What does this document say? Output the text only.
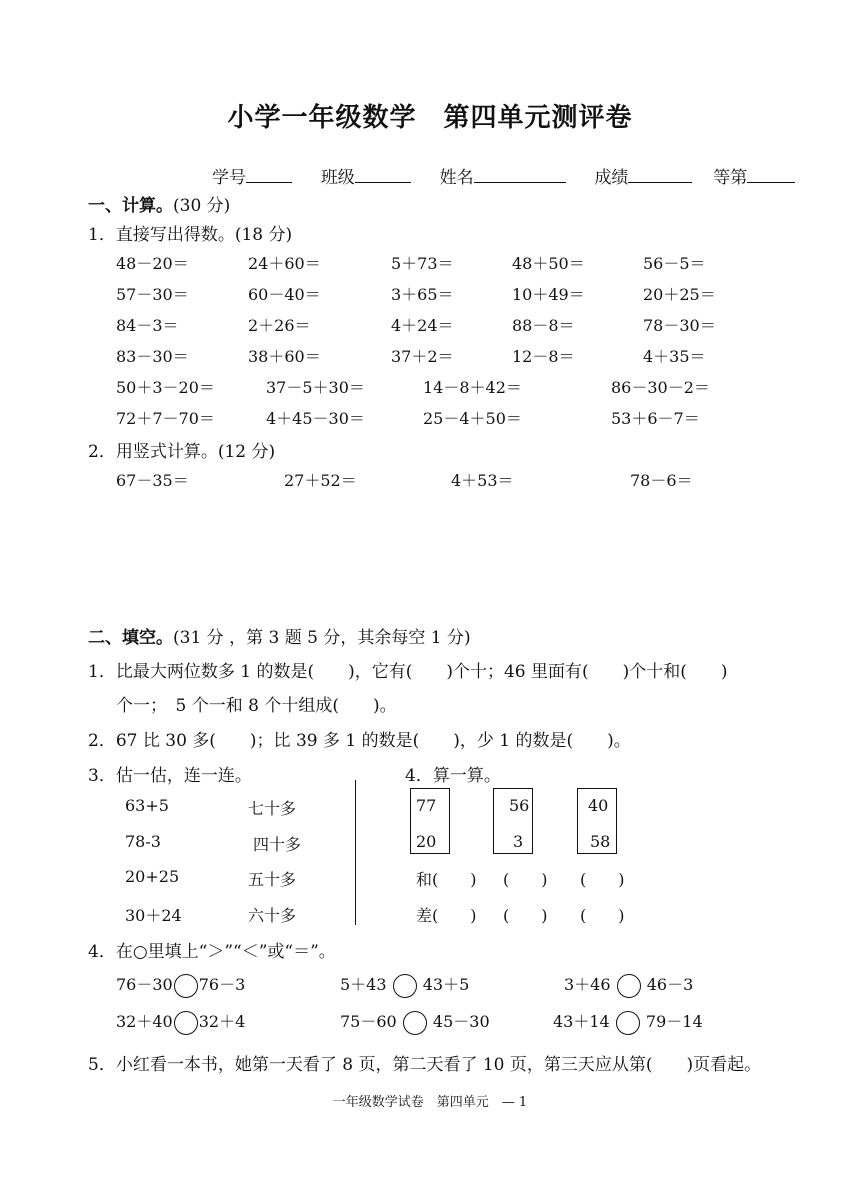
小学一年级数学　第四单元测评卷
学号	班级	姓名	成绩	等第
一、计算。(30 分)
1．直接写出得数。(18 分)
48－20＝	24＋60＝	5＋73＝	48＋50＝	56－5＝
57－30＝	60－40＝	3＋65＝	10＋49＝	20＋25＝
84－3＝	2＋26＝	4＋24＝	88－8＝	78－30＝
83－30＝	38＋60＝	37＋2＝	12－8＝	4＋35＝
50＋3－20＝	37－5＋30＝	14－8＋42＝	86－30－2＝
72＋7－70＝	4＋45－30＝	25－4＋50＝	53＋6－7＝
2．用竖式计算。(12 分)
67－35＝	27＋52＝	4＋53＝	78－6＝
二、填空。(31 分 ，第 3 题 5 分，其余每空 1 分)
1．比最大两位数多 1 的数是(　　)，它有(　　)个十；46 里面有(　　)个十和(　　)
个一；　5 个一和 8 个十组成(　　)。
2．67 比 30 多(　　)；比 39 多 1 的数是(　　)，少 1 的数是(　　)。
3．估一估，连一连。
63+5
78-3
20+25
30＋24
七十多
四十多
五十多
六十多
4．算一算。
77
20
56
3
40
58
和(　　) (　　) (　　)
差(　　) (　　) (　　)
4．在○里填上“＞”“＜”或“＝”。
76－30 76－3	5＋43 43＋5	3＋46 46－3
32＋40 32＋4	75－60 45－30	43＋14 79－14
5．小红看一本书，她第一天看了 8 页，第二天看了 10 页，第三天应从第(　　)页看起。
一年级数学试卷　第四单元　— 1
